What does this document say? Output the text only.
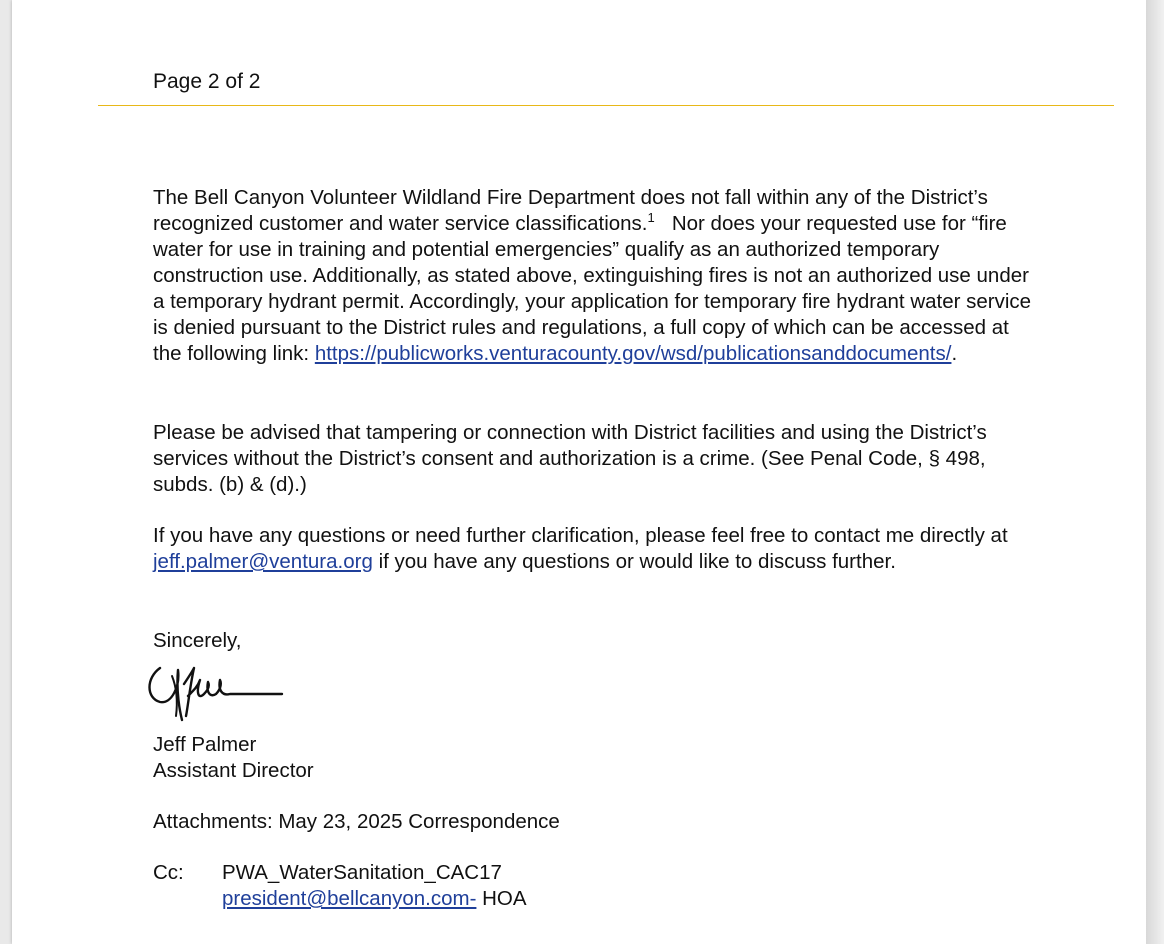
Page 2 of 2

The Bell Canyon Volunteer Wildland Fire Department does not fall within any of the District’s recognized customer and water service classifications.$^1$ Nor does your requested use for “fire water for use in training and potential emergencies” qualify as an authorized temporary construction use. Additionally, as stated above, extinguishing fires is not an authorized use under a temporary hydrant permit. Accordingly, your application for temporary fire hydrant water service is denied pursuant to the District rules and regulations, a full copy of which can be accessed at the following link: https://publicworks.venturacounty.gov/wsd/publicationsanddocuments/.

Please be advised that tampering or connection with District facilities and using the District’s services without the District’s consent and authorization is a crime. (See Penal Code, § 498, subds. (b) & (d).)

If you have any questions or need further clarification, please feel free to contact me directly at jeff.palmer@ventura.org if you have any questions or would like to discuss further.

Sincerely,
Jeff Palmer
Assistant Director
Attachments: May 23, 2025 Correspondence
Cc: PWA_WaterSanitation_CAC17
president@bellcanyon.com- HOA
